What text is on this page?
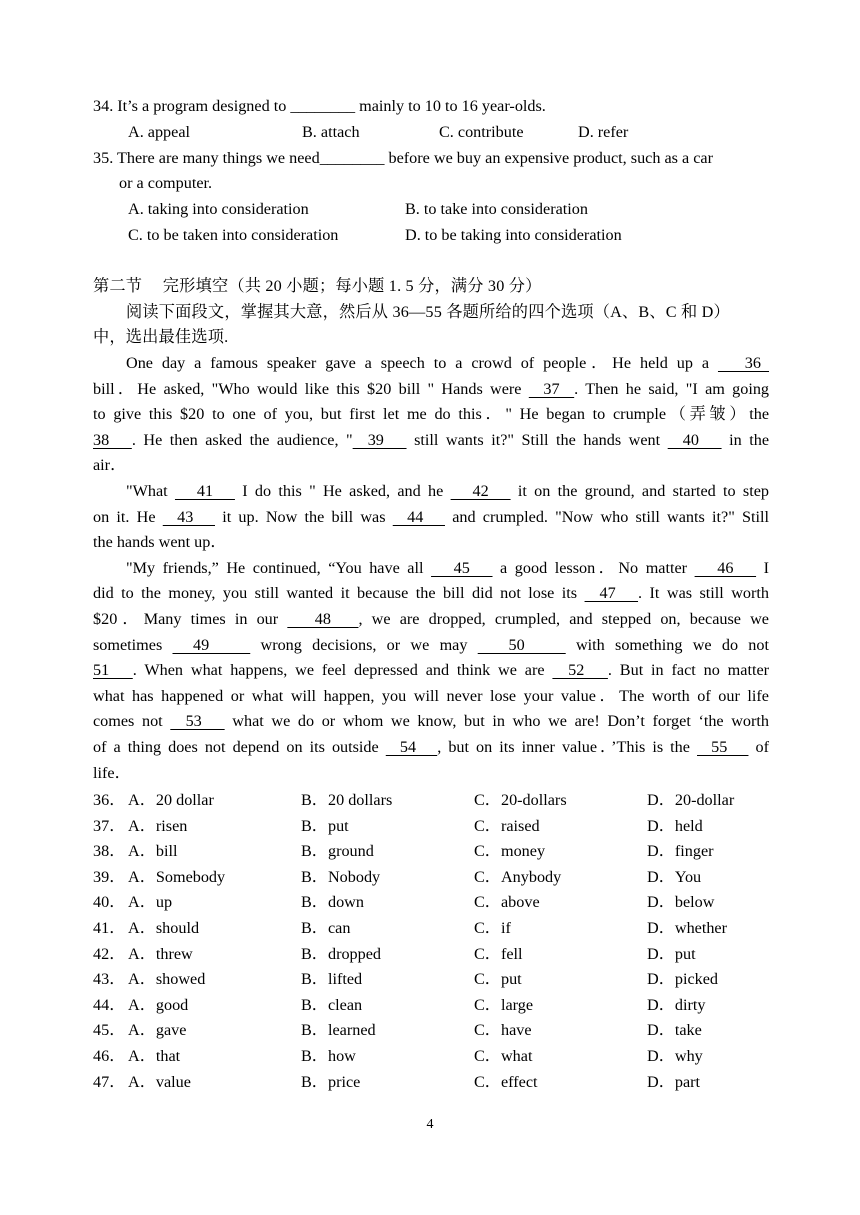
34. It’s a program designed to ________ mainly to 10 to 16 year-olds.
A. appeal	B. attach	C. contribute	D. refer
35. There are many things we need________ before we buy an expensive product, such as a car
or a computer.
A. taking into consideration	B. to take into consideration
C. to be taken into consideration	D. to be taking into consideration
第二节　 完形填空（共 20 小题；每小题 1. 5 分，满分 30 分）
阅读下面段文，掌握其大意，然后从 36—55 各题所给的四个选项（A、B、C 和 D）
中，选出最佳选项.
One day a famous speaker gave a speech to a crowd of people．He held up a    36
bill．He asked, "Who would like this $20 bill " Hands were   37  . Then he said, "I am going
to give this $20 to one of you, but first let me do this．" He began to crumple（弄皱）the
38   . He then asked the audience, "  39    still wants it?" Still the hands went   40    in the
air．
"What    41    I do this " He asked, and he    42    it on the ground, and started to step
on it. He   43    it up. Now the bill was   44    and crumpled. "Now who still wants it?" Still
the hands went up．
"My friends,” He continued, “You have all    45    a good lesson．No matter    46    I
did to the money, you still wanted it because the bill did not lose its   47   . It was still worth
$20．Many times in our    48   , we are dropped, crumpled, and stepped on, because we
sometimes   49     wrong decisions, or we may    50     with something we do not
51   . When what happens, we feel depressed and think we are   52   . But in fact no matter
what has happened or what will happen, you will never lose your value．The worth of our life
comes not   53    what we do or whom we know, but in who we are! Don’t forget ‘the worth
of a thing does not depend on its outside   54   , but on its inner value．’This is the   55    of
life．
36． A．20 dollar	B．20 dollars	C．20-dollars	D．20-dollar
37． A．risen	B．put	C．raised	D．held
38． A．bill	B．ground	C．money	D．finger
39． A．Somebody	B．Nobody	C．Anybody	D．You
40． A．up	B．down	C．above	D．below
41． A．should	B．can	C．if	D．whether
42． A．threw	B．dropped	C．fell	D．put
43． A．showed	B．lifted	C．put	D．picked
44． A．good	B．clean	C．large	D．dirty
45． A．gave	B．learned	C．have	D．take
46． A．that	B．how	C．what	D．why
47． A．value	B．price	C．effect	D．part
4
